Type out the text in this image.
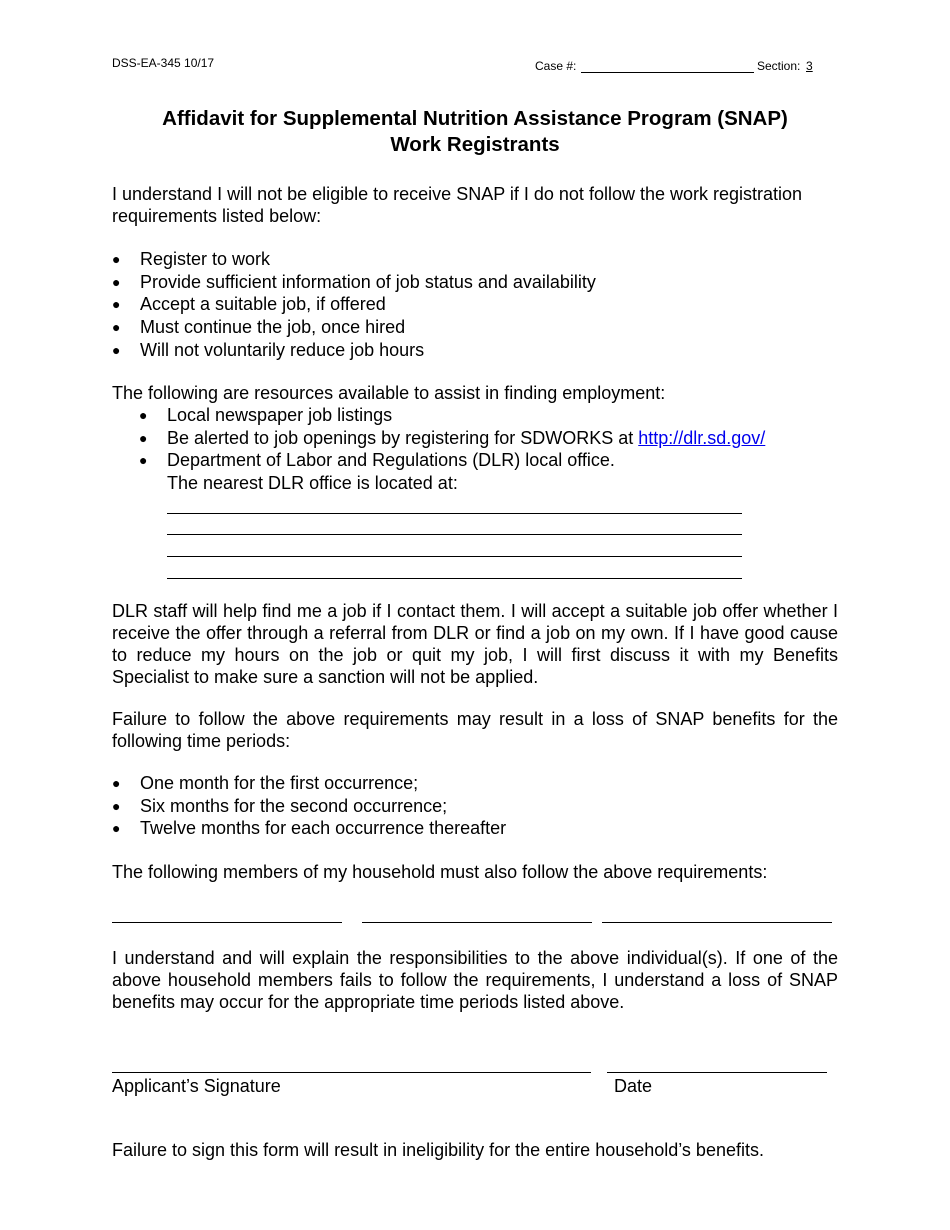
DSS-EA-345 10/17	Case #:	Section: 3
Affidavit for Supplemental Nutrition Assistance Program (SNAP)
Work Registrants
I understand I will not be eligible to receive SNAP if I do not follow the work registration requirements listed below:
● Register to work
● Provide sufficient information of job status and availability
● Accept a suitable job, if offered
● Must continue the job, once hired
● Will not voluntarily reduce job hours
The following are resources available to assist in finding employment:
● Local newspaper job listings
● Be alerted to job openings by registering for SDWORKS at http://dlr.sd.gov/
● Department of Labor and Regulations (DLR) local office.
The nearest DLR office is located at:
DLR staff will help find me a job if I contact them. I will accept a suitable job offer whether I receive the offer through a referral from DLR or find a job on my own. If I have good cause to reduce my hours on the job or quit my job, I will first discuss it with my Benefits Specialist to make sure a sanction will not be applied.
Failure to follow the above requirements may result in a loss of SNAP benefits for the following time periods:
● One month for the first occurrence;
● Six months for the second occurrence;
● Twelve months for each occurrence thereafter
The following members of my household must also follow the above requirements:
I understand and will explain the responsibilities to the above individual(s). If one of the above household members fails to follow the requirements, I understand a loss of SNAP benefits may occur for the appropriate time periods listed above.
Applicant’s Signature	Date
Failure to sign this form will result in ineligibility for the entire household’s benefits.
